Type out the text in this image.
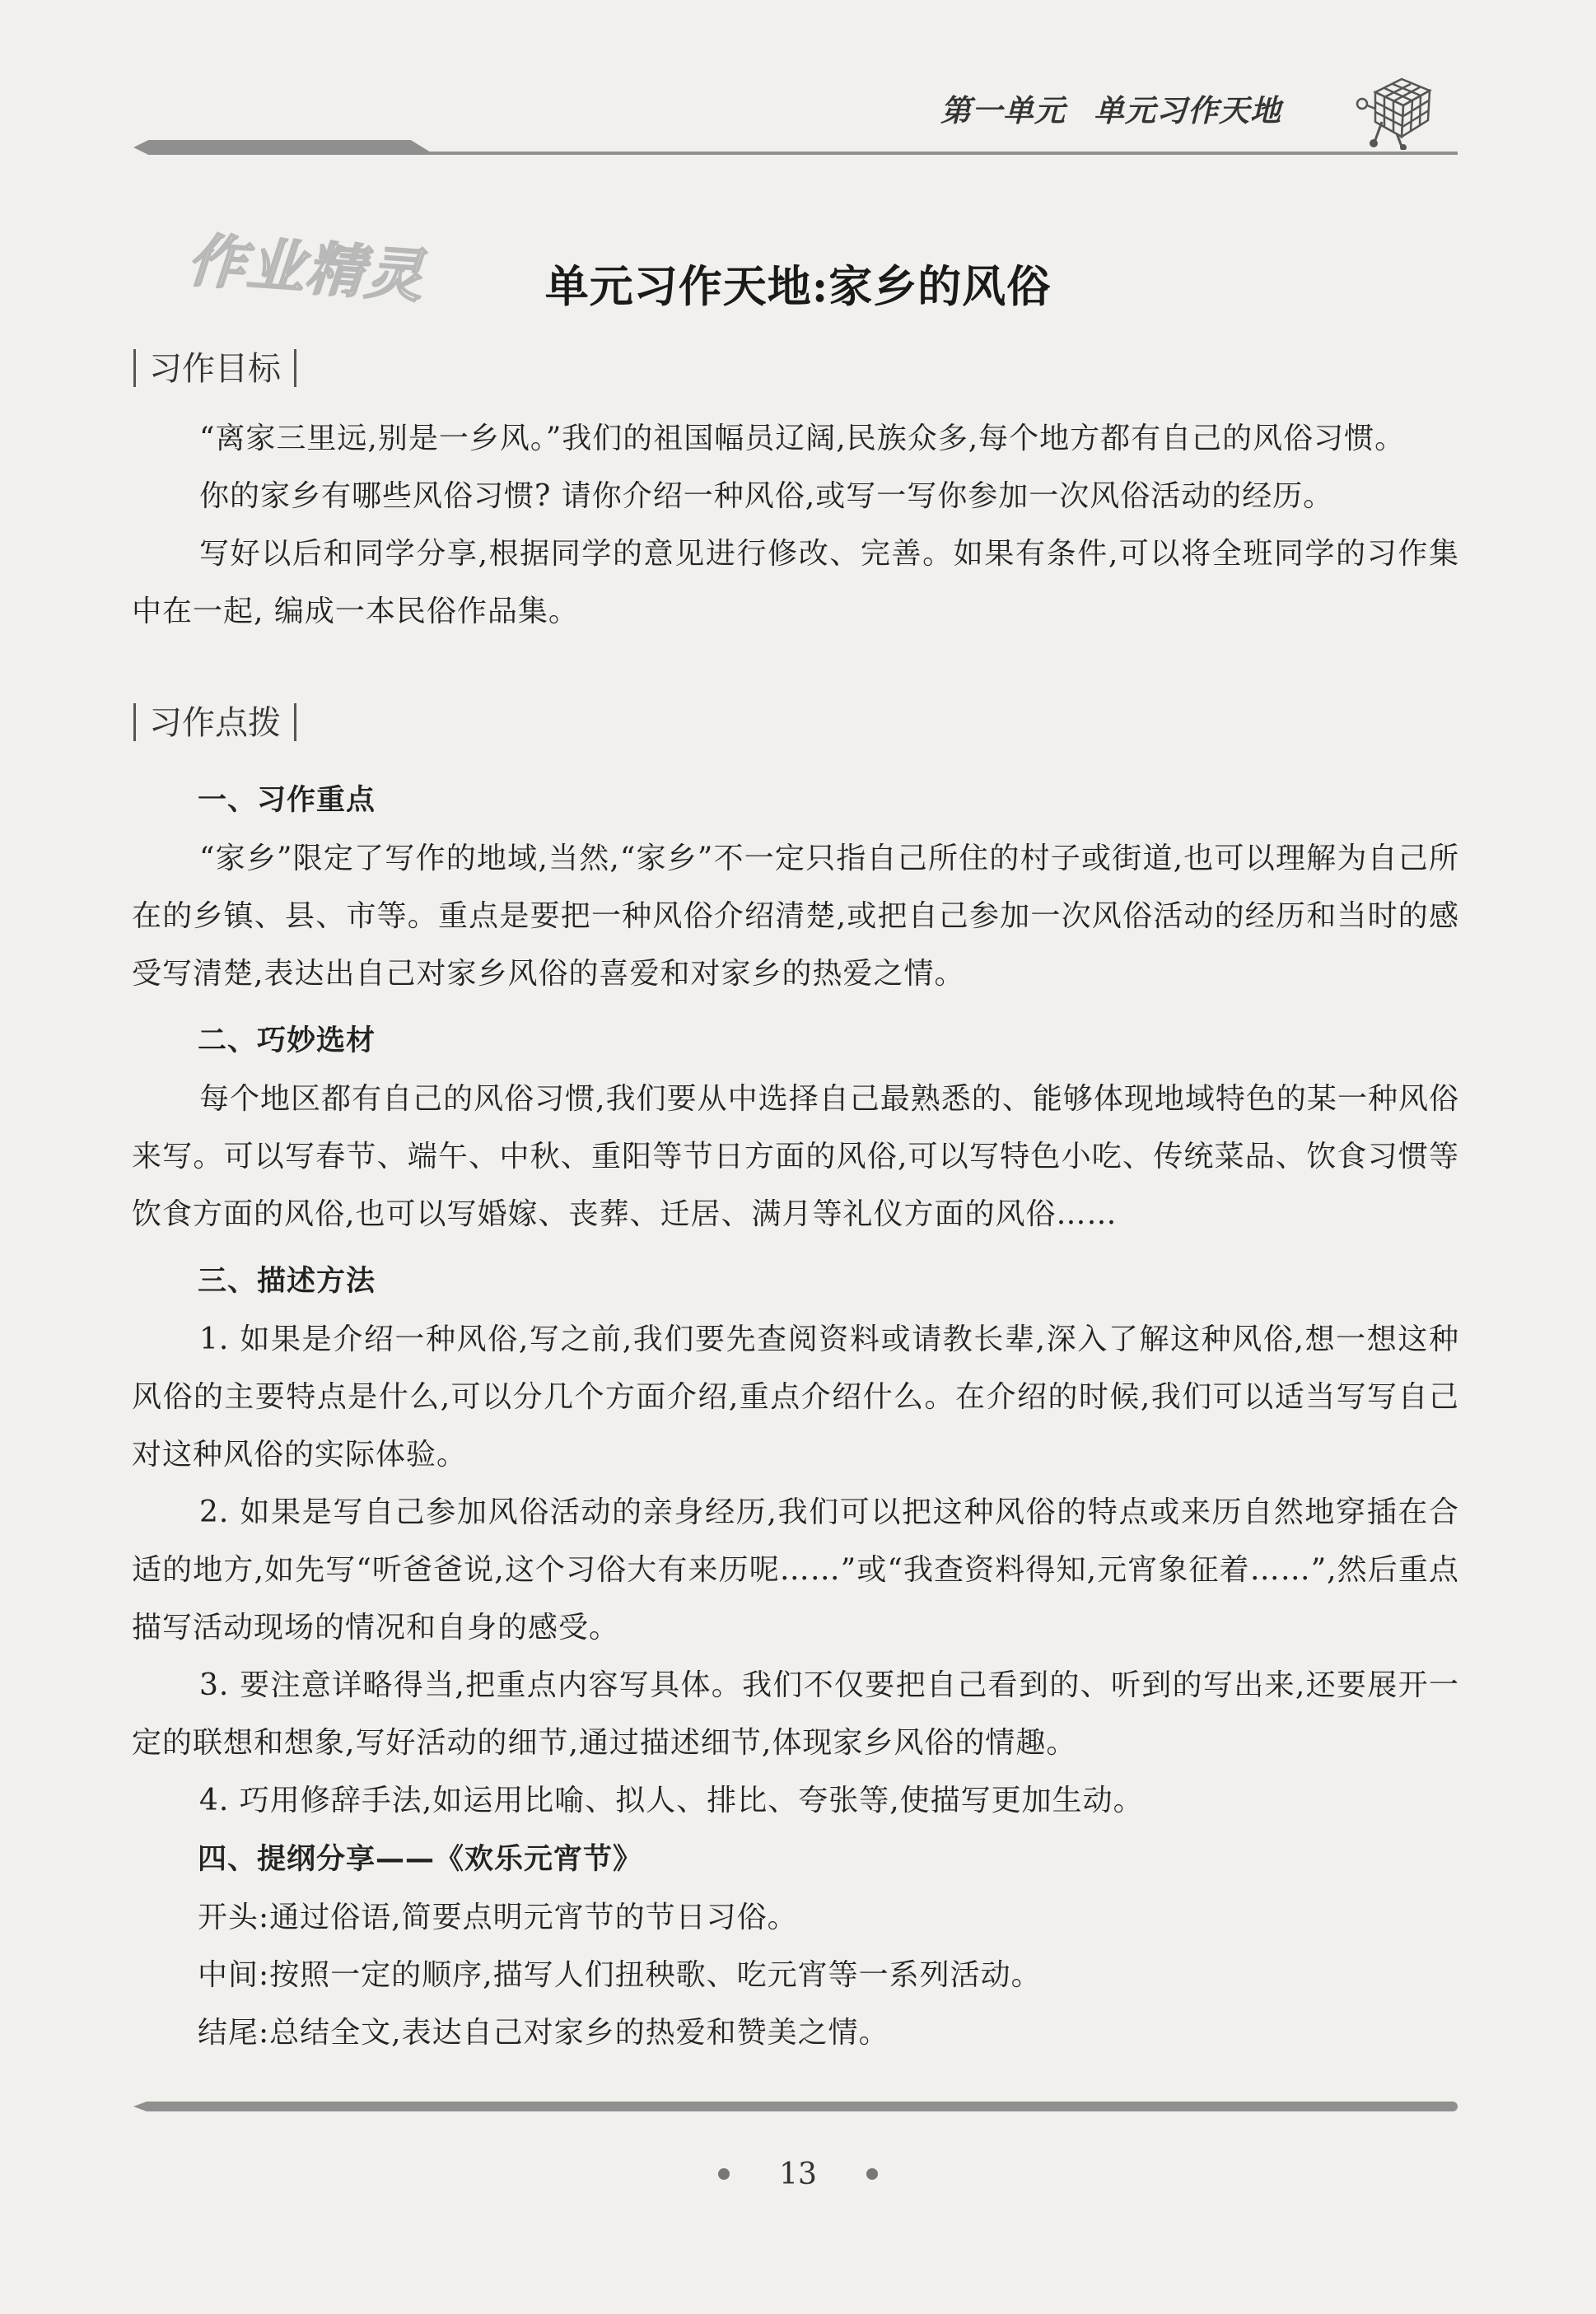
第一单元 单元习作天地
作业精灵	单元习作天地:家乡的风俗
习作目标

“离家三里远,别是一乡风。”我们的祖国幅员辽阔,民族众多,每个地方都有自己的风俗习惯。

你的家乡有哪些风俗习惯? 请你介绍一种风俗,或写一写你参加一次风俗活动的经历。

写好以后和同学分享,根据同学的意见进行修改、完善。如果有条件,可以将全班同学的习作集中在一起, 编成一本民俗作品集。

习作点拨
一、习作重点

“家乡”限定了写作的地域,当然,“家乡”不一定只指自己所住的村子或街道,也可以理解为自己所在的乡镇、县、市等。重点是要把一种风俗介绍清楚,或把自己参加一次风俗活动的经历和当时的感受写清楚,表达出自己对家乡风俗的喜爱和对家乡的热爱之情。

二、巧妙选材

每个地区都有自己的风俗习惯,我们要从中选择自己最熟悉的、能够体现地域特色的某一种风俗来写。可以写春节、端午、中秋、重阳等节日方面的风俗,可以写特色小吃、传统菜品、饮食习惯等饮食方面的风俗,也可以写婚嫁、丧葬、迁居、满月等礼仪方面的风俗……

三、描述方法

1. 如果是介绍一种风俗,写之前,我们要先查阅资料或请教长辈,深入了解这种风俗,想一想这种风俗的主要特点是什么,可以分几个方面介绍,重点介绍什么。在介绍的时候,我们可以适当写写自己对这种风俗的实际体验。

2. 如果是写自己参加风俗活动的亲身经历,我们可以把这种风俗的特点或来历自然地穿插在合适的地方,如先写“听爸爸说,这个习俗大有来历呢……”或“我查资料得知,元宵象征着……”,然后重点描写活动现场的情况和自身的感受。

3. 要注意详略得当,把重点内容写具体。我们不仅要把自己看到的、听到的写出来,还要展开一定的联想和想象,写好活动的细节,通过描述细节,体现家乡风俗的情趣。

4. 巧用修辞手法,如运用比喻、拟人、排比、夸张等,使描写更加生动。

四、提纲分享——《欢乐元宵节》

开头:通过俗语,简要点明元宵节的节日习俗。

中间:按照一定的顺序,描写人们扭秧歌、吃元宵等一系列活动。

结尾:总结全文,表达自己对家乡的热爱和赞美之情。

13
